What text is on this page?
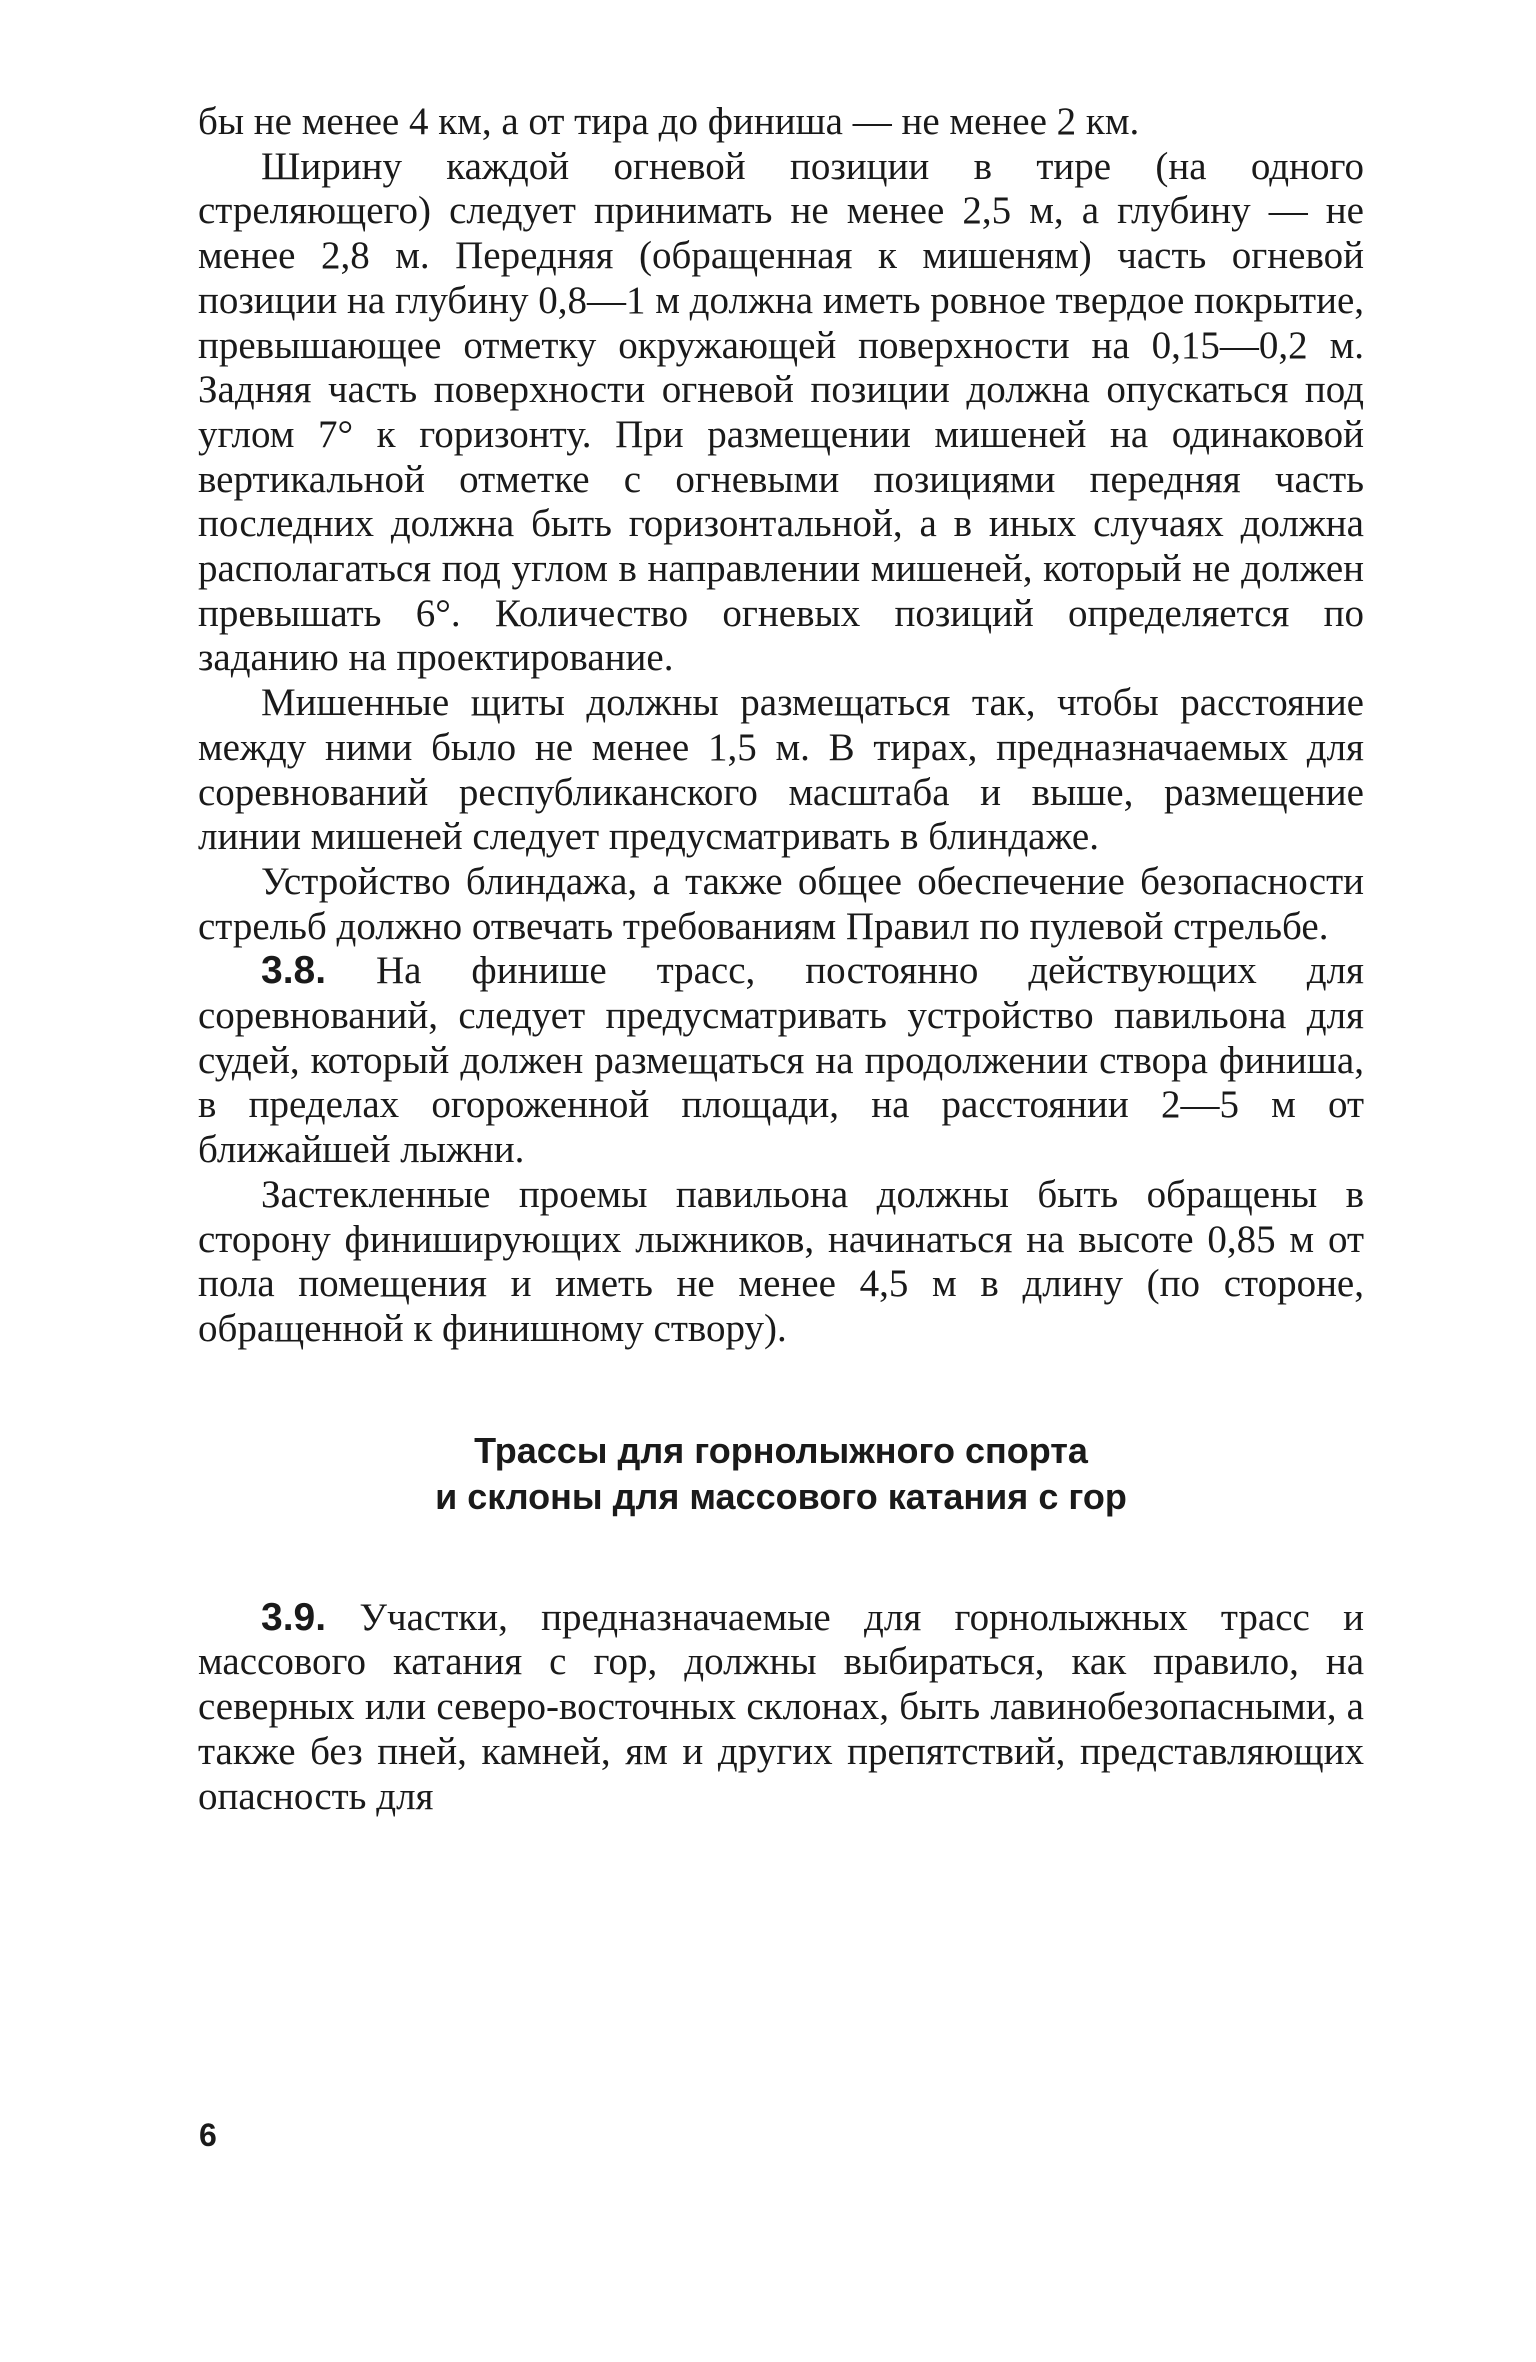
бы не менее 4 км, а от тира до финиша — не менее 2 км.

Ширину каждой огневой позиции в тире (на одного стреляющего) следует принимать не менее 2,5 м, а глубину — не менее 2,8 м. Передняя (обращенная к мишеням) часть огневой позиции на глубину 0,8—1 м должна иметь ровное твердое покрытие, превышающее отметку окружающей поверхности на 0,15—0,2 м. Задняя часть поверхности огневой позиции должна опускаться под углом 7° к горизонту. При размещении мишеней на одинаковой вертикальной отметке с огневыми позициями передняя часть последних должна быть горизонтальной, а в иных случаях должна располагаться под углом в направлении мишеней, который не должен превышать 6°. Количество огневых позиций определяется по заданию на проектирование.

Мишенные щиты должны размещаться так, чтобы расстояние между ними было не менее 1,5 м. В тирах, предназначаемых для соревнований республиканского масштаба и выше, размещение линии мишеней следует предусматривать в блиндаже.

Устройство блиндажа, а также общее обеспечение безопасности стрельб должно отвечать требованиям Правил по пулевой стрельбе.

3.8. На финише трасс, постоянно действующих для соревнований, следует предусматривать устройство павильона для судей, который должен размещаться на продолжении створа финиша, в пределах огороженной площади, на расстоянии 2—5 м от ближайшей лыжни.

Застекленные проемы павильона должны быть обращены в сторону финиширующих лыжников, начинаться на высоте 0,85 м от пола помещения и иметь не менее 4,5 м в длину (по стороне, обращенной к финишному створу).

Трассы для горнолыжного спорта
и склоны для массового катания с гор

3.9. Участки, предназначаемые для горнолыжных трасс и массового катания с гор, должны выбираться, как правило, на северных или северо-восточных склонах, быть лавинобезопасными, а также без пней, камней, ям и других препятствий, представляющих опасность для

6
